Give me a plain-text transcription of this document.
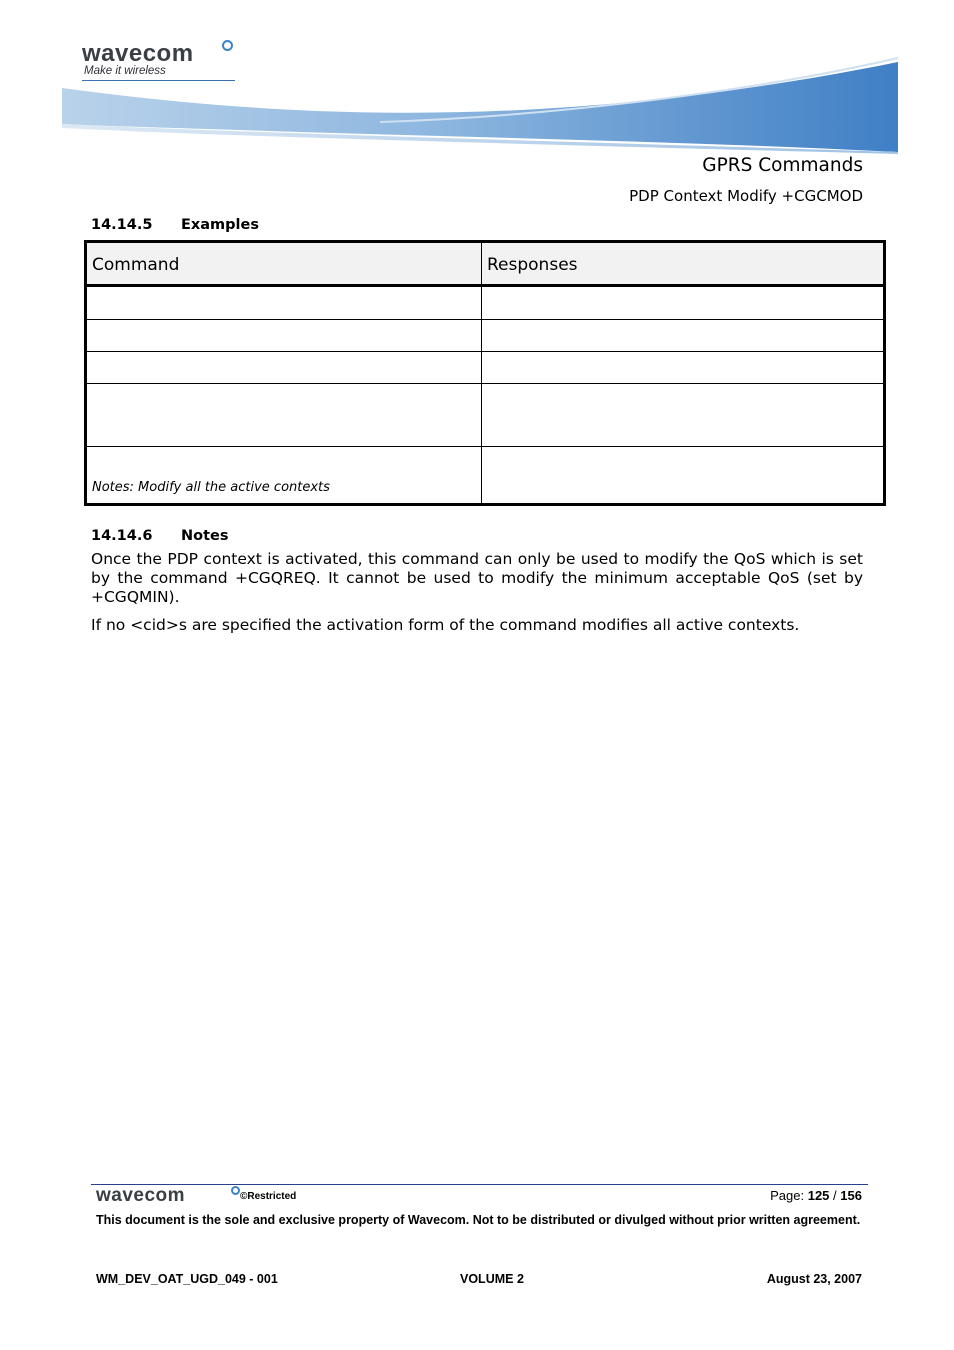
wavecom
Make it wireless
GPRS Commands
PDP Context Modify +CGCMOD
14.14.5 Examples
Command	Responses
Notes: Modify all the active contexts
14.14.6 Notes

Once the PDP context is activated, this command can only be used to modify the QoS which is set by the command +CGQREQ. It cannot be used to modify the minimum acceptable QoS (set by +CGQMIN).

If no <cid>s are specified the activation form of the command modifies all active contexts.

wavecom	©Restricted	Page: 125 / 156
This document is the sole and exclusive property of Wavecom. Not to be distributed or divulged without prior written agreement.
WM_DEV_OAT_UGD_049 - 001	VOLUME 2	August 23, 2007
